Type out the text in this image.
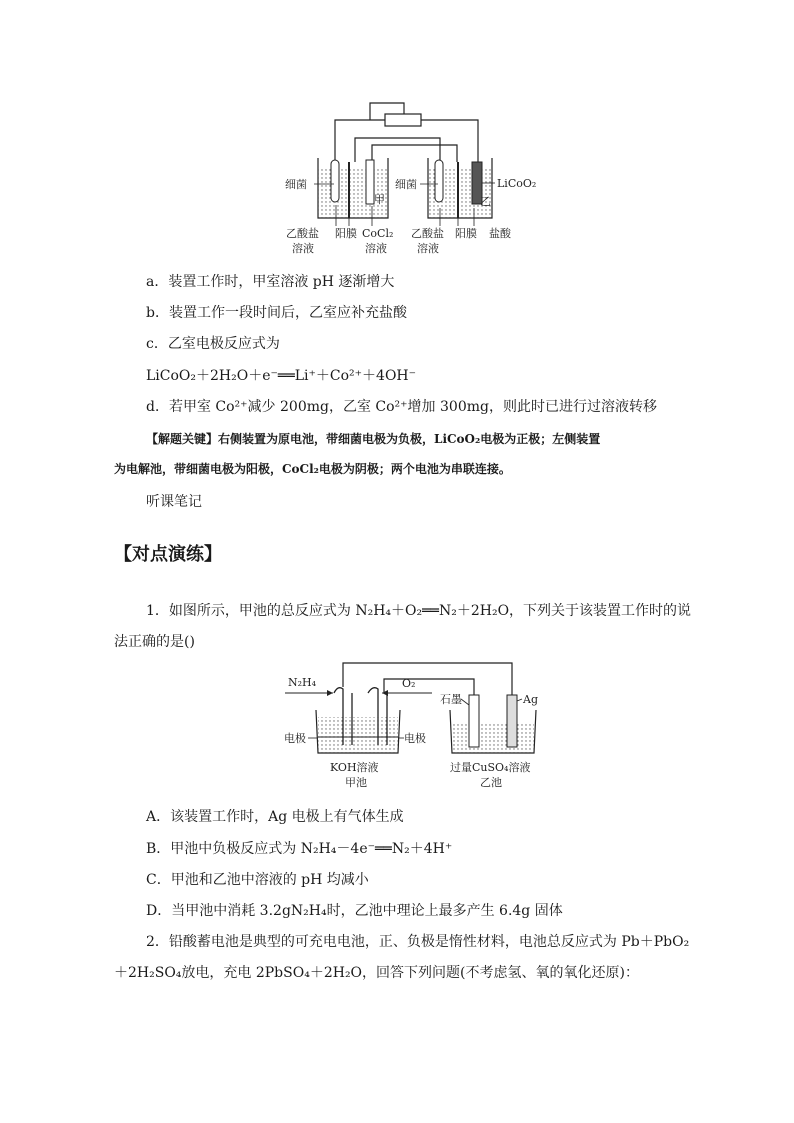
细菌	细菌	LiCoO₂
甲	乙
乙酸盐
溶液
阳膜 CoCl₂
溶液
乙酸盐
溶液
阳膜 盐酸
a．装置工作时，甲室溶液 pH 逐渐增大
b．装置工作一段时间后，乙室应补充盐酸
c．乙室电极反应式为
LiCoO₂＋2H₂O＋e⁻══Li⁺＋Co²⁺＋4OH⁻
d．若甲室 Co²⁺减少 200mg，乙室 Co²⁺增加 300mg，则此时已进行过溶液转移
【解题关键】右侧装置为原电池，带细菌电极为负极，LiCoO₂电极为正极；左侧装置
为电解池，带细菌电极为阳极，CoCl₂电极为阴极；两个电池为串联连接。
听课笔记
【对点演练】
1．如图所示，甲池的总反应式为 N₂H₄＋O₂══N₂＋2H₂O，下列关于该装置工作时的说
法正确的是()
N₂H₄	O₂
石墨	Ag
电极	电极
KOH溶液
甲池
过量CuSO₄溶液
乙池
A．该装置工作时，Ag 电极上有气体生成
B．甲池中负极反应式为 N₂H₄－4e⁻══N₂＋4H⁺
C．甲池和乙池中溶液的 pH 均减小
D．当甲池中消耗 3.2gN₂H₄时，乙池中理论上最多产生 6.4g 固体
2．铅酸蓄电池是典型的可充电电池，正、负极是惰性材料，电池总反应式为 Pb＋PbO₂
＋2H₂SO₄放电，充电 2PbSO₄＋2H₂O，回答下列问题(不考虑氢、氧的氧化还原)：
